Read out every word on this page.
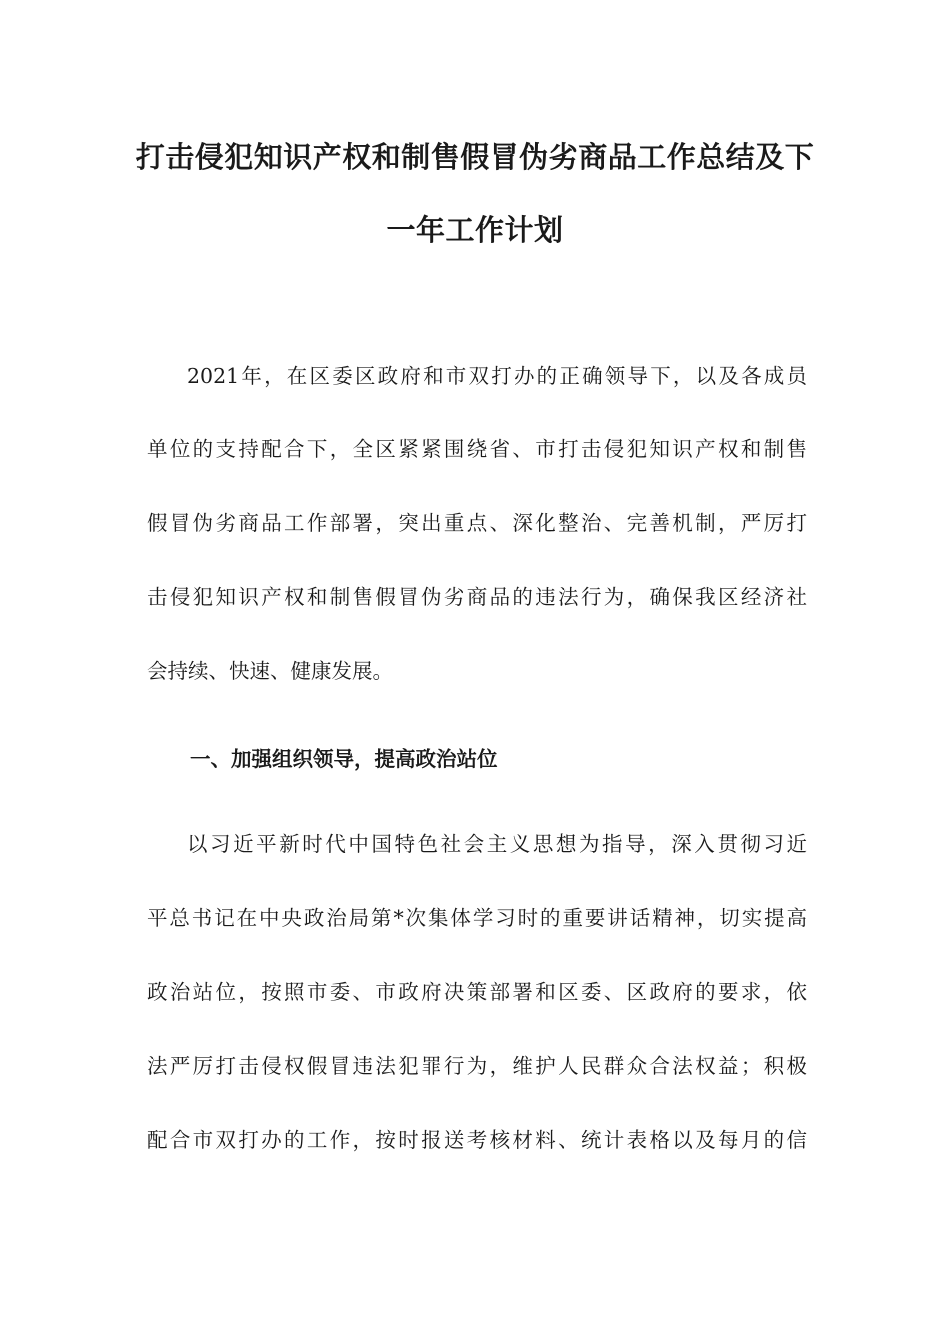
打击侵犯知识产权和制售假冒伪劣商品工作总结及下
一年工作计划

2021年，在区委区政府和市双打办的正确领导下，以及各成员

单位的支持配合下，全区紧紧围绕省、市打击侵犯知识产权和制售

假冒伪劣商品工作部署，突出重点、深化整治、完善机制，严厉打

击侵犯知识产权和制售假冒伪劣商品的违法行为，确保我区经济社

会持续、快速、健康发展。

一、加强组织领导，提高政治站位

以习近平新时代中国特色社会主义思想为指导，深入贯彻习近

平总书记在中央政治局第*次集体学习时的重要讲话精神，切实提高

政治站位，按照市委、市政府决策部署和区委、区政府的要求，依

法严厉打击侵权假冒违法犯罪行为，维护人民群众合法权益；积极

配合市双打办的工作，按时报送考核材料、统计表格以及每月的信
